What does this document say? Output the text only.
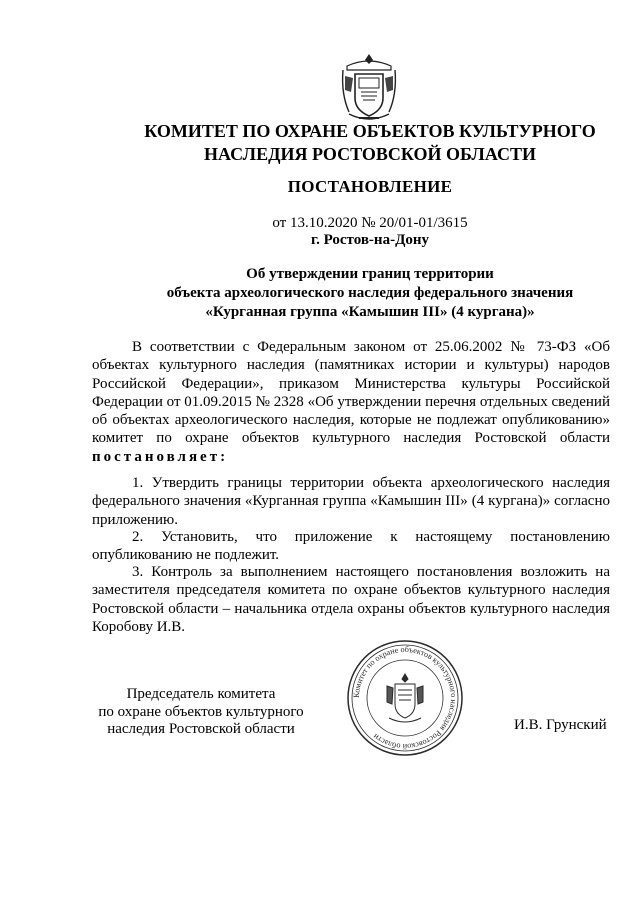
КОМИТЕТ ПО ОХРАНЕ ОБЪЕКТОВ КУЛЬТУРНОГО
НАСЛЕДИЯ РОСТОВСКОЙ ОБЛАСТИ
ПОСТАНОВЛЕНИЕ
от 13.10.2020 № 20/01-01/3615
г. Ростов-на-Дону
Об утверждении границ территории
объекта археологического наследия федерального значения
«Курганная группа «Камышин III» (4 кургана)»
В соответствии с Федеральным законом от 25.06.2002 № 73-ФЗ «Об объектах культурного наследия (памятниках истории и культуры) народов Российской Федерации», приказом Министерства культуры Российской Федерации от 01.09.2015 № 2328 «Об утверждении перечня отдельных сведений об объектах археологического наследия, которые не подлежат опубликованию» комитет по охране объектов культурного наследия Ростовской области постановляет:
1. Утвердить границы территории объекта археологического наследия федерального значения «Курганная группа «Камышин III» (4 кургана)» согласно приложению.
2. Установить, что приложение к настоящему постановлению опубликованию не подлежит.
3. Контроль за выполнением настоящего постановления возложить на заместителя председателя комитета по охране объектов культурного наследия Ростовской области – начальника отдела охраны объектов культурного наследия Коробову И.В.
Председатель комитета
по охране объектов культурного
наследия Ростовской области	И.В. Грунский
Комитет по охране объектов культурного наследия Ростовской области
